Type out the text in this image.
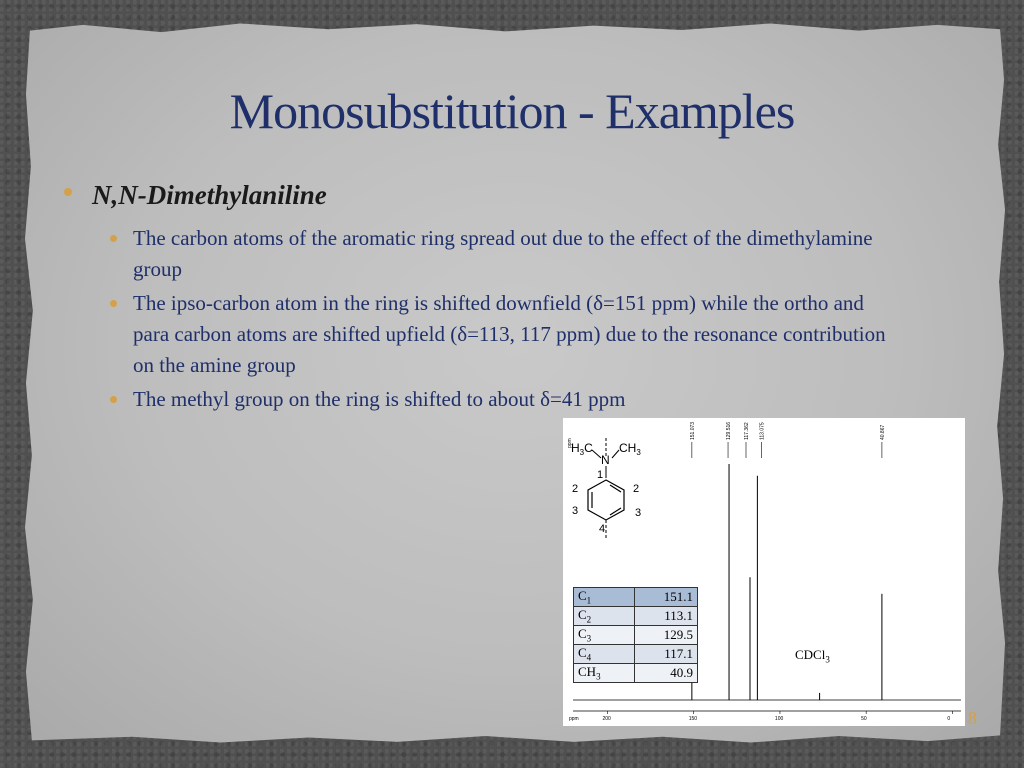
Monosubstitution - Examples
N,N-Dimethylaniline

The carbon atoms of the aromatic ring spread out due to the effect of the dimethylamine group

The ipso-carbon atom in the ring is shifted downfield (δ=151 ppm) while the ortho and para carbon atoms are shifted upfield (δ=113, 117 ppm) due to the resonance contribution on the amine group

The methyl group on the ring is shifted to about δ=41 ppm

ppm
$H_3C$
N
$CH_3$
1
2	2
3	3
4
151.073	129.516 117.362 113.075	40.867
200	150	100	50	0
ppm
$C_1$	151.1
$C_2$	113.1
$C_3$	129.5
$C_4$	117.1
$CH_3$	40.9
CDCl$_3$
8
